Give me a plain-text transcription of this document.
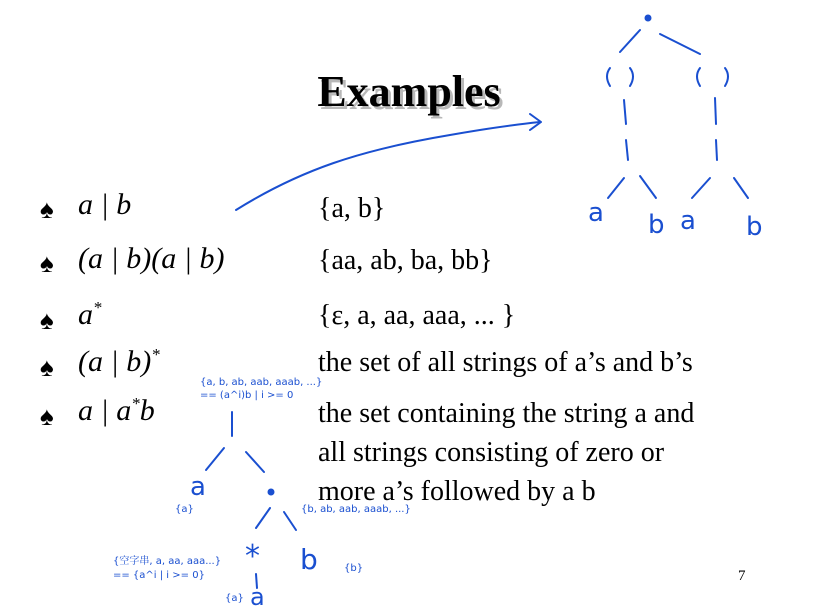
Examples
♠ a | b	{a, b}
♠ (a | b)(a | b)	{aa, ab, ba, bb}
♠ a*	{ε, a, aa, aaa, ... }
♠ (a | b)*	the set of all strings of a’s and b’s
♠ a | a*b	the set containing the string a and
all strings consisting of zero or
more a’s followed by a b
7
a b a b
{a, b, ab, aab, aaab, ...}
== (a^i)b | i >= 0
a
{a}	{b, ab, aab, aaab, ...}
{空字串, a, aa, aaa...}
== {a^i | i >= 0}
* b	{b}
{a} a
